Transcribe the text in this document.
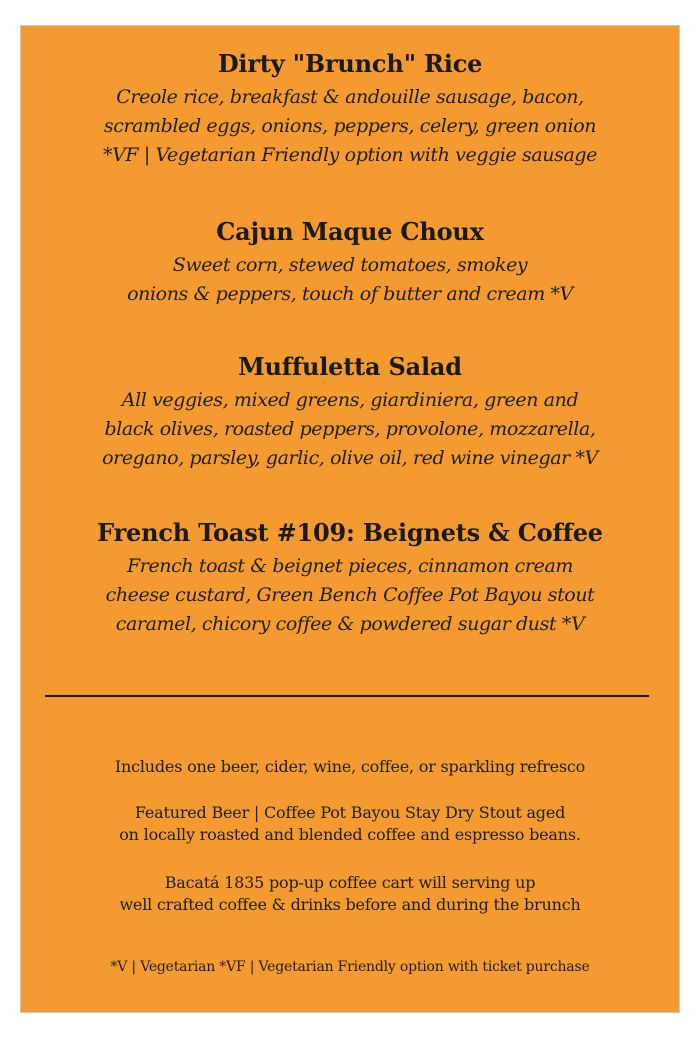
Dirty "Brunch" Rice
Creole rice, breakfast & andouille sausage, bacon,
scrambled eggs, onions, peppers, celery, green onion
*VF | Vegetarian Friendly option with veggie sausage
Cajun Maque Choux
Sweet corn, stewed tomatoes, smokey
onions & peppers, touch of butter and cream *V
Muffuletta Salad
All veggies, mixed greens, giardiniera, green and
black olives, roasted peppers, provolone, mozzarella,
oregano, parsley, garlic, olive oil, red wine vinegar *V
French Toast #109: Beignets & Coffee
French toast & beignet pieces, cinnamon cream
cheese custard, Green Bench Coffee Pot Bayou stout
caramel, chicory coffee & powdered sugar dust *V
Includes one beer, cider, wine, coffee, or sparkling refresco
Featured Beer | Coffee Pot Bayou Stay Dry Stout aged
on locally roasted and blended coffee and espresso beans.
Bacatá 1835 pop-up coffee cart will serving up
well crafted coffee & drinks before and during the brunch
*V | Vegetarian *VF | Vegetarian Friendly option with ticket purchase
